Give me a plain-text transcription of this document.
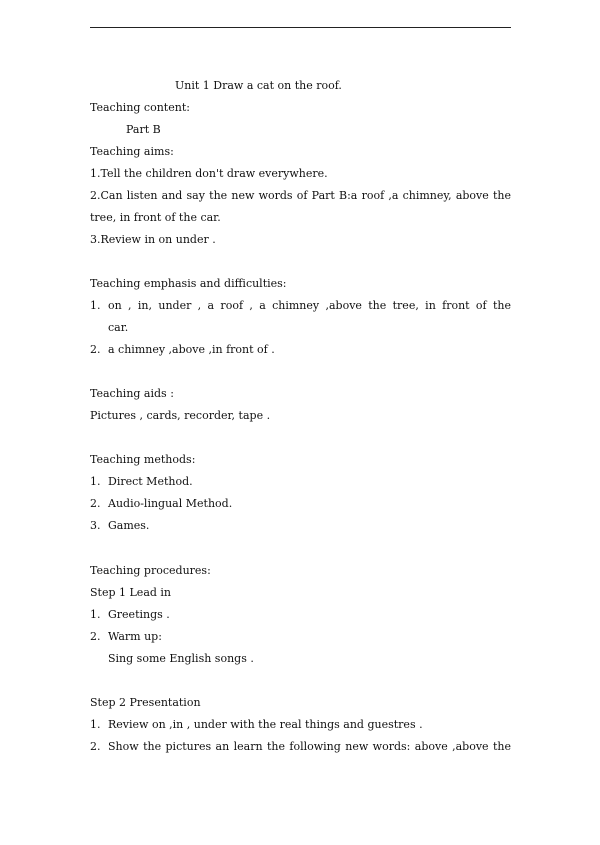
Unit 1 Draw a cat on the roof.
Teaching content:
Part B
Teaching aims:
1.Tell the children don't draw everywhere.
2.Can listen and say the new words of Part B:a roof ,a chimney, above the
tree, in front of the car.
3.Review in on under .
Teaching emphasis and difficulties:
1. on , in, under , a roof , a chimney ,above the tree, in front of the
car.
2. a chimney ,above ,in front of .
Teaching aids :
Pictures , cards, recorder, tape .
Teaching methods:
1. Direct Method.
2. Audio-lingual Method.
3. Games.
Teaching procedures:
Step 1 Lead in
1. Greetings .
2. Warm up:
Sing some English songs .
Step 2 Presentation
1. Review on ,in , under with the real things and guestres .
2. Show the pictures an learn the following new words: above ,above the
